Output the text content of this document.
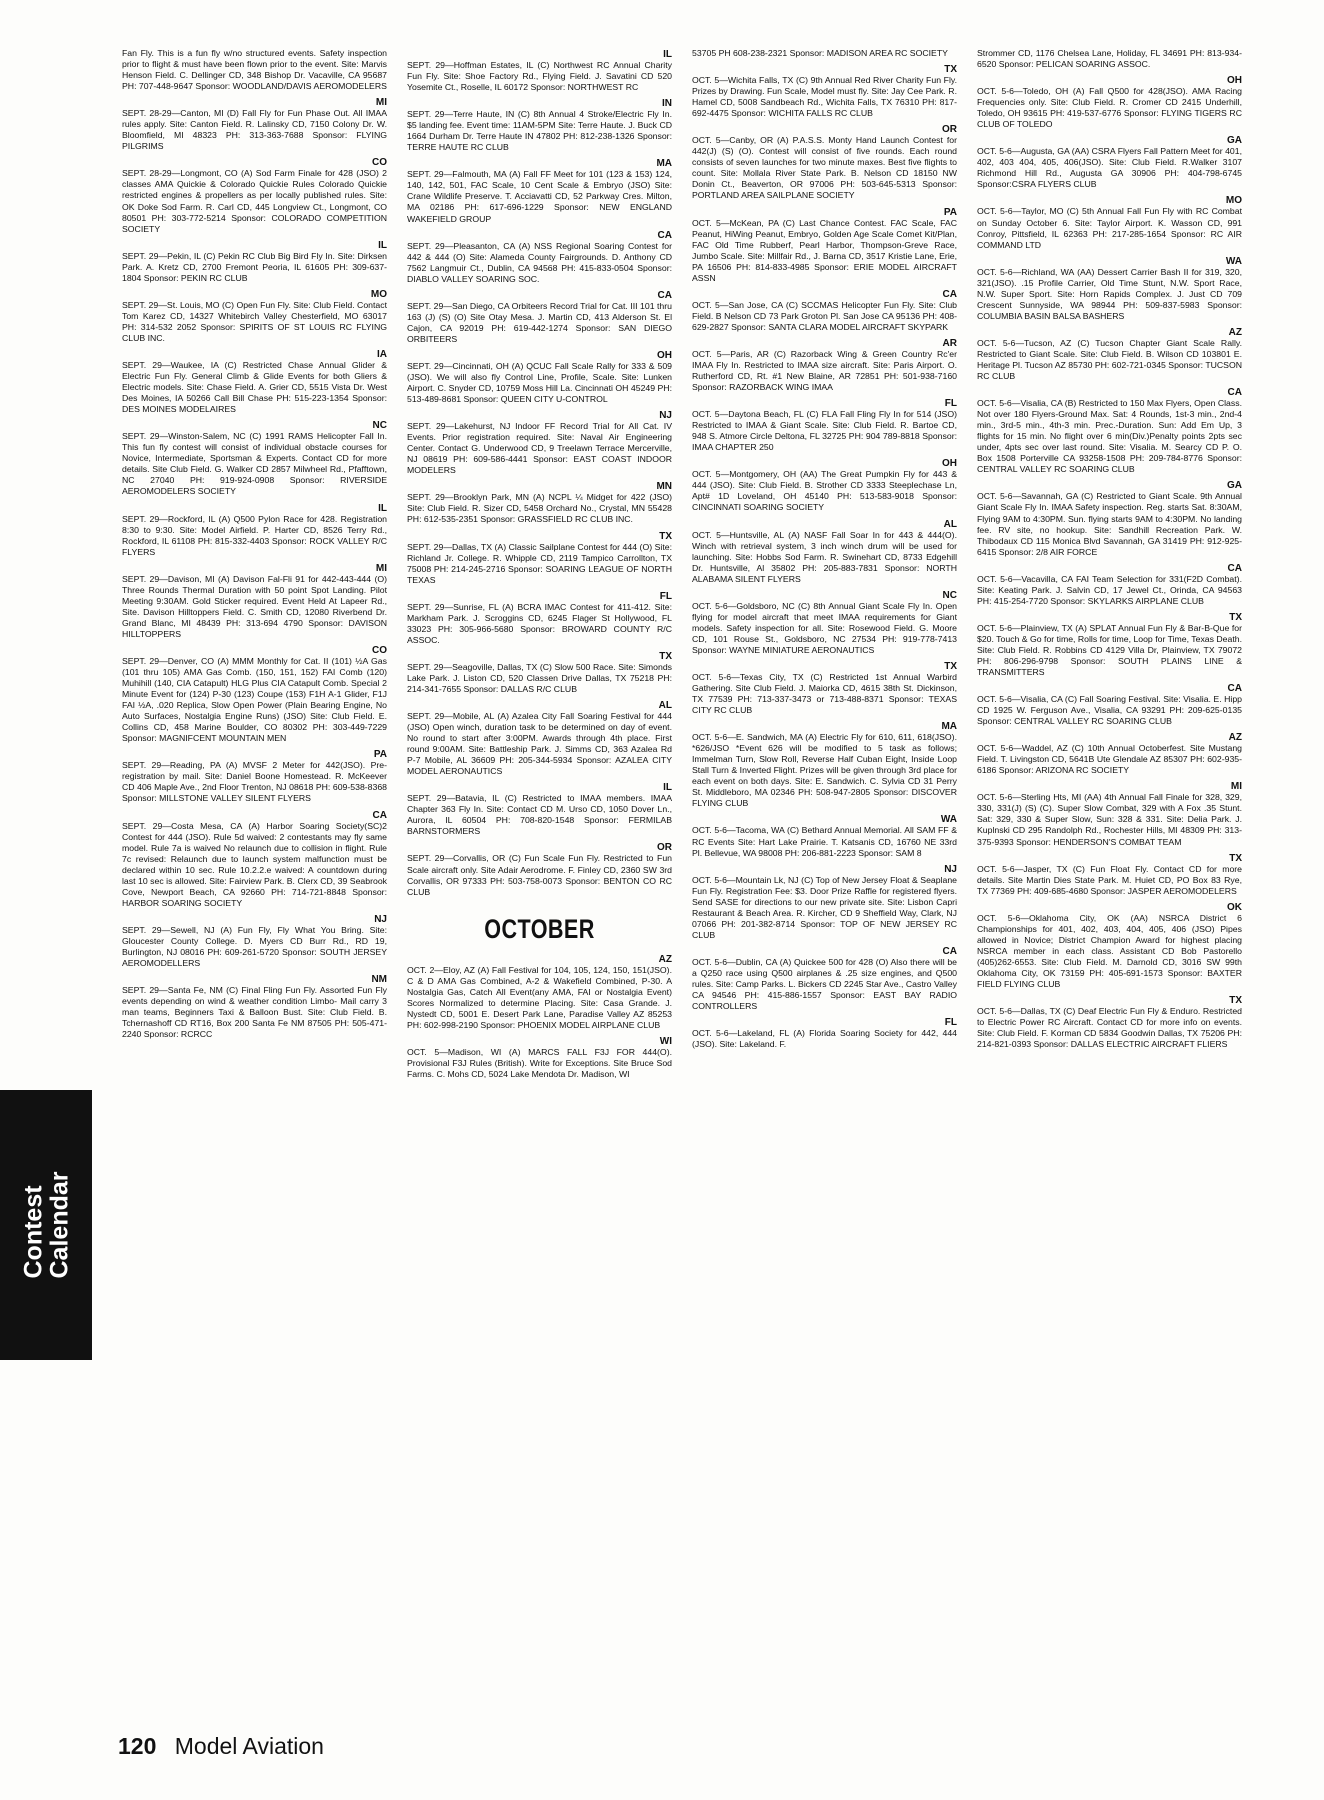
Fan Fly. This is a fun fly w/no structured events. Safety inspection prior to flight & must have been flown prior to the event. Site: Marvis Henson Field. C. Dellinger CD, 348 Bishop Dr. Vacaville, CA 95687 PH: 707-448-9647 Sponsor: WOODLAND/DAVIS AEROMODELERS
MI
SEPT. 28-29—Canton, MI (D) Fall Fly for Fun Phase Out. All IMAA rules apply. Site: Canton Field. R. Lalinsky CD, 7150 Colony Dr. W. Bloomfield, MI 48323 PH: 313-363-7688 Sponsor: FLYING PILGRIMS
CO
SEPT. 28-29—Longmont, CO (A) Sod Farm Finale for 428 (JSO) 2 classes AMA Quickie & Colorado Quickie Rules Colorado Quickie restricted engines & propellers as per locally published rules. Site: OK Doke Sod Farm. R. Carl CD, 445 Longview Ct., Longmont, CO 80501 PH: 303-772-5214 Sponsor: COLORADO COMPETITION SOCIETY
IL
SEPT. 29—Pekin, IL (C) Pekin RC Club Big Bird Fly In. Site: Dirksen Park. A. Kretz CD, 2700 Fremont Peoria, IL 61605 PH: 309-637-1804 Sponsor: PEKIN RC CLUB
MO
SEPT. 29—St. Louis, MO (C) Open Fun Fly. Site: Club Field. Contact Tom Karez CD, 14327 Whitebirch Valley Chesterfield, MO 63017 PH: 314-532 2052 Sponsor: SPIRITS OF ST LOUIS RC FLYING CLUB INC.
IA
SEPT. 29—Waukee, IA (C) Restricted Chase Annual Glider & Electric Fun Fly. General Climb & Glide Events for both Gliers & Electric models. Site: Chase Field. A. Grier CD, 5515 Vista Dr. West Des Moines, IA 50266 Call Bill Chase PH: 515-223-1354 Sponsor: DES MOINES MODELAIRES
NC
SEPT. 29—Winston-Salem, NC (C) 1991 RAMS Helicopter Fall In. This fun fly contest will consist of individual obstacle courses for Novice, Intermediate, Sportsman & Experts. Contact CD for more details. Site Club Field. G. Walker CD 2857 Milwheel Rd., Pfafftown, NC 27040 PH: 919-924-0908 Sponsor: RIVERSIDE AEROMODELERS SOCIETY
IL
SEPT. 29—Rockford, IL (A) Q500 Pylon Race for 428. Registration 8:30 to 9:30. Site: Model Airfield. P. Harter CD, 8526 Terry Rd., Rockford, IL 61108 PH: 815-332-4403 Sponsor: ROCK VALLEY R/C FLYERS
MI
SEPT. 29—Davison, MI (A) Davison Fal-Fli 91 for 442-443-444 (O) Three Rounds Thermal Duration with 50 point Spot Landing. Pilot Meeting 9:30AM. Gold Sticker required. Event Held At Lapeer Rd., Site. Davison Hilltoppers Field. C. Smith CD, 12080 Riverbend Dr. Grand Blanc, MI 48439 PH: 313-694 4790 Sponsor: DAVISON HILLTOPPERS
CO
SEPT. 29—Denver, CO (A) MMM Monthly for Cat. II (101) ½A Gas (101 thru 105) AMA Gas Comb. (150, 151, 152) FAI Comb (120) Muhihill (140, CIA Catapult) HLG Plus CIA Catapult Comb. Special 2 Minute Event for (124) P-30 (123) Coupe (153) F1H A-1 Glider, F1J FAI ½A, .020 Replica, Slow Open Power (Plain Bearing Engine, No Auto Surfaces, Nostalgia Engine Runs) (JSO) Site: Club Field. E. Collins CD, 458 Marine Boulder, CO 80302 PH: 303-449-7229 Sponsor: MAGNIFCENT MOUNTAIN MEN
PA
SEPT. 29—Reading, PA (A) MVSF 2 Meter for 442(JSO). Pre-registration by mail. Site: Daniel Boone Homestead. R. McKeever CD 406 Maple Ave., 2nd Floor Trenton, NJ 08618 PH: 609-538-8368 Sponsor: MILLSTONE VALLEY SILENT FLYERS
CA
SEPT. 29—Costa Mesa, CA (A) Harbor Soaring Society(SC)2 Contest for 444 (JSO). Rule 5d waived: 2 contestants may fly same model. Rule 7a is waived No relaunch due to collision in flight. Rule 7c revised: Relaunch due to launch system malfunction must be declared within 10 sec. Rule 10.2.2.e waived: A countdown during last 10 sec is allowed. Site: Fairview Park. B. Clerx CD, 39 Seabrook Cove, Newport Beach, CA 92660 PH: 714-721-8848 Sponsor: HARBOR SOARING SOCIETY
NJ
SEPT. 29—Sewell, NJ (A) Fun Fly, Fly What You Bring. Site: Gloucester County College. D. Myers CD Burr Rd., RD 19, Burlington, NJ 08016 PH: 609-261-5720 Sponsor: SOUTH JERSEY AEROMODELLERS
NM
SEPT. 29—Santa Fe, NM (C) Final Fling Fun Fly. Assorted Fun Fly events depending on wind & weather condition Limbo- Mail carry 3 man teams, Beginners Taxi & Balloon Bust. Site: Club Field. B. Tchernashoff CD RT16, Box 200 Santa Fe NM 87505 PH: 505-471-2240 Sponsor: RCRCC
IL
SEPT. 29—Hoffman Estates, IL (C) Northwest RC Annual Charity Fun Fly. Site: Shoe Factory Rd., Flying Field. J. Savatini CD 520 Yosemite Ct., Roselle, IL 60172 Sponsor: NORTHWEST RC
IN
SEPT. 29—Terre Haute, IN (C) 8th Annual 4 Stroke/Electric Fly In. $5 landing fee. Event time: 11AM-5PM Site: Terre Haute. J. Buck CD 1664 Durham Dr. Terre Haute IN 47802 PH: 812-238-1326 Sponsor: TERRE HAUTE RC CLUB
MA
SEPT. 29—Falmouth, MA (A) Fall FF Meet for 101 (123 & 153) 124, 140, 142, 501, FAC Scale, 10 Cent Scale & Embryo (JSO) Site: Crane Wildlife Preserve. T. Acciavatti CD, 52 Parkway Cres. Milton, MA 02186 PH: 617-696-1229 Sponsor: NEW ENGLAND WAKEFIELD GROUP
CA
SEPT. 29—Pleasanton, CA (A) NSS Regional Soaring Contest for 442 & 444 (O) Site: Alameda County Fairgrounds. D. Anthony CD 7562 Langmuir Ct., Dublin, CA 94568 PH: 415-833-0504 Sponsor: DIABLO VALLEY SOARING SOC.
CA
SEPT. 29—San Diego, CA Orbiteers Record Trial for Cat. III 101 thru 163 (J) (S) (O) Site Otay Mesa. J. Martin CD, 413 Alderson St. El Cajon, CA 92019 PH: 619-442-1274 Sponsor: SAN DIEGO ORBITEERS
OH
SEPT. 29—Cincinnati, OH (A) QCUC Fall Scale Rally for 333 & 509 (JSO). We will also fly Control Line, Profile, Scale. Site: Lunken Airport. C. Snyder CD, 10759 Moss Hill La. Cincinnati OH 45249 PH: 513-489-8681 Sponsor: QUEEN CITY U-CONTROL
NJ
SEPT. 29—Lakehurst, NJ Indoor FF Record Trial for All Cat. IV Events. Prior registration required. Site: Naval Air Engineering Center. Contact G. Underwood CD, 9 Treelawn Terrace Mercerville, NJ 08619 PH: 609-586-4441 Sponsor: EAST COAST INDOOR MODELERS
MN
SEPT. 29—Brooklyn Park, MN (A) NCPL ¼ Midget for 422 (JSO) Site: Club Field. R. Sizer CD, 5458 Orchard No., Crystal, MN 55428 PH: 612-535-2351 Sponsor: GRASSFIELD RC CLUB INC.
TX
SEPT. 29—Dallas, TX (A) Classic Sailplane Contest for 444 (O) Site: Richland Jr. College. R. Whipple CD, 2119 Tampico Carrollton, TX 75008 PH: 214-245-2716 Sponsor: SOARING LEAGUE OF NORTH TEXAS
FL
SEPT. 29—Sunrise, FL (A) BCRA IMAC Contest for 411-412. Site: Markham Park. J. Scroggins CD, 6245 Flager St Hollywood, FL 33023 PH: 305-966-5680 Sponsor: BROWARD COUNTY R/C ASSOC.
TX
SEPT. 29—Seagoville, Dallas, TX (C) Slow 500 Race. Site: Simonds Lake Park. J. Liston CD, 520 Classen Drive Dallas, TX 75218 PH: 214-341-7655 Sponsor: DALLAS R/C CLUB
AL
SEPT. 29—Mobile, AL (A) Azalea City Fall Soaring Festival for 444 (JSO) Open winch, duration task to be determined on day of event. No round to start after 3:00PM. Awards through 4th place. First round 9:00AM. Site: Battleship Park. J. Simms CD, 363 Azalea Rd P-7 Mobile, AL 36609 PH: 205-344-5934 Sponsor: AZALEA CITY MODEL AERONAUTICS
IL
SEPT. 29—Batavia, IL (C) Restricted to IMAA members. IMAA Chapter 363 Fly In. Site: Contact CD M. Urso CD, 1050 Dover Ln., Aurora, IL 60504 PH: 708-820-1548 Sponsor: FERMILAB BARNSTORMERS
OR
SEPT. 29—Corvallis, OR (C) Fun Scale Fun Fly. Restricted to Fun Scale aircraft only. Site Adair Aerodrome. F. Finley CD, 2360 SW 3rd Corvallis, OR 97333 PH: 503-758-0073 Sponsor: BENTON CO RC CLUB
OCTOBER
AZ
OCT. 2—Eloy, AZ (A) Fall Festival for 104, 105, 124, 150, 151(JSO). C & D AMA Gas Combined, A-2 & Wakefield Combined, P-30. A Nostalgia Gas, Catch All Event(any AMA, FAI or Nostalgia Event) Scores Normalized to determine Placing. Site: Casa Grande. J. Nystedt CD, 5001 E. Desert Park Lane, Paradise Valley AZ 85253 PH: 602-998-2190 Sponsor: PHOENIX MODEL AIRPLANE CLUB
WI
OCT. 5—Madison, WI (A) MARCS FALL F3J FOR 444(O). Provisional F3J Rules (British). Write for Exceptions. Site Bruce Sod Farms. C. Mohs CD, 5024 Lake Mendota Dr. Madison, WI
53705 PH 608-238-2321 Sponsor: MADISON AREA RC SOCIETY
TX
OCT. 5—Wichita Falls, TX (C) 9th Annual Red River Charity Fun Fly. Prizes by Drawing. Fun Scale, Model must fly. Site: Jay Cee Park. R. Hamel CD, 5008 Sandbeach Rd., Wichita Falls, TX 76310 PH: 817-692-4475 Sponsor: WICHITA FALLS RC CLUB
OR
OCT. 5—Canby, OR (A) P.A.S.S. Monty Hand Launch Contest for 442(J) (S) (O). Contest will consist of five rounds. Each round consists of seven launches for two minute maxes. Best five flights to count. Site: Mollala River State Park. B. Nelson CD 18150 NW Donin Ct., Beaverton, OR 97006 PH: 503-645-5313 Sponsor: PORTLAND AREA SAILPLANE SOCIETY
PA
OCT. 5—McKean, PA (C) Last Chance Contest. FAC Scale, FAC Peanut, HiWing Peanut, Embryo, Golden Age Scale Comet Kit/Plan, FAC Old Time Rubberf, Pearl Harbor, Thompson-Greve Race, Jumbo Scale. Site: Millfair Rd., J. Barna CD, 3517 Kristie Lane, Erie, PA 16506 PH: 814-833-4985 Sponsor: ERIE MODEL AIRCRAFT ASSN
CA
OCT. 5—San Jose, CA (C) SCCMAS Helicopter Fun Fly. Site: Club Field. B Nelson CD 73 Park Groton Pl. San Jose CA 95136 PH: 408-629-2827 Sponsor: SANTA CLARA MODEL AIRCRAFT SKYPARK
AR
OCT. 5—Paris, AR (C) Razorback Wing & Green Country Rc'er IMAA Fly In. Restricted to IMAA size aircraft. Site: Paris Airport. O. Rutherford CD, Rt. #1 New Blaine, AR 72851 PH: 501-938-7160 Sponsor: RAZORBACK WING IMAA
FL
OCT. 5—Daytona Beach, FL (C) FLA Fall Fling Fly In for 514 (JSO) Restricted to IMAA & Giant Scale. Site: Club Field. R. Bartoe CD, 948 S. Atmore Circle Deltona, FL 32725 PH: 904 789-8818 Sponsor: IMAA CHAPTER 250
OH
OCT. 5—Montgomery, OH (AA) The Great Pumpkin Fly for 443 & 444 (JSO). Site: Club Field. B. Strother CD 3333 Steeplechase Ln, Apt# 1D Loveland, OH 45140 PH: 513-583-9018 Sponsor: CINCINNATI SOARING SOCIETY
AL
OCT. 5—Huntsville, AL (A) NASF Fall Soar In for 443 & 444(O). Winch with retrieval system, 3 inch winch drum will be used for launching. Site: Hobbs Sod Farm. R. Swinehart CD, 8733 Edgehill Dr. Huntsville, Al 35802 PH: 205-883-7831 Sponsor: NORTH ALABAMA SILENT FLYERS
NC
OCT. 5-6—Goldsboro, NC (C) 8th Annual Giant Scale Fly In. Open flying for model aircraft that meet IMAA requirements for Giant models. Safety inspection for all. Site: Rosewood Field. G. Moore CD, 101 Rouse St., Goldsboro, NC 27534 PH: 919-778-7413 Sponsor: WAYNE MINIATURE AERONAUTICS
TX
OCT. 5-6—Texas City, TX (C) Restricted 1st Annual Warbird Gathering. Site Club Field. J. Maiorka CD, 4615 38th St. Dickinson, TX 77539 PH: 713-337-3473 or 713-488-8371 Sponsor: TEXAS CITY RC CLUB
MA
OCT. 5-6—E. Sandwich, MA (A) Electric Fly for 610, 611, 618(JSO). *626/JSO *Event 626 will be modified to 5 task as follows; Immelman Turn, Slow Roll, Reverse Half Cuban Eight, Inside Loop Stall Turn & Inverted Flight. Prizes will be given through 3rd place for each event on both days. Site: E. Sandwich. C. Sylvia CD 31 Perry St. Middleboro, MA 02346 PH: 508-947-2805 Sponsor: DISCOVER FLYING CLUB
WA
OCT. 5-6—Tacoma, WA (C) Bethard Annual Memorial. All SAM FF & RC Events Site: Hart Lake Prairie. T. Katsanis CD, 16760 NE 33rd Pl. Bellevue, WA 98008 PH: 206-881-2223 Sponsor: SAM 8
NJ
OCT. 5-6—Mountain Lk, NJ (C) Top of New Jersey Float & Seaplane Fun Fly. Registration Fee: $3. Door Prize Raffle for registered flyers. Send SASE for directions to our new private site. Site: Lisbon Capri Restaurant & Beach Area. R. Kircher, CD 9 Sheffield Way, Clark, NJ 07066 PH: 201-382-8714 Sponsor: TOP OF NEW JERSEY RC CLUB
CA
OCT. 5-6—Dublin, CA (A) Quickee 500 for 428 (O) Also there will be a Q250 race using Q500 airplanes & .25 size engines, and Q500 rules. Site: Camp Parks. L. Bickers CD 2245 Star Ave., Castro Valley CA 94546 PH: 415-886-1557 Sponsor: EAST BAY RADIO CONTROLLERS
FL
OCT. 5-6—Lakeland, FL (A) Florida Soaring Society for 442, 444 (JSO). Site: Lakeland. F.
Strommer CD, 1176 Chelsea Lane, Holiday, FL 34691 PH: 813-934-6520 Sponsor: PELICAN SOARING ASSOC.
OH
OCT. 5-6—Toledo, OH (A) Fall Q500 for 428(JSO). AMA Racing Frequencies only. Site: Club Field. R. Cromer CD 2415 Underhill, Toledo, OH 93615 PH: 419-537-6776 Sponsor: FLYING TIGERS RC CLUB OF TOLEDO
GA
OCT. 5-6—Augusta, GA (AA) CSRA Flyers Fall Pattern Meet for 401, 402, 403 404, 405, 406(JSO). Site: Club Field. R.Walker 3107 Richmond Hill Rd., Augusta GA 30906 PH: 404-798-6745 Sponsor:CSRA FLYERS CLUB
MO
OCT. 5-6—Taylor, MO (C) 5th Annual Fall Fun Fly with RC Combat on Sunday October 6. Site: Taylor Airport. K. Wasson CD, 991 Conroy, Pittsfield, IL 62363 PH: 217-285-1654 Sponsor: RC AIR COMMAND LTD
WA
OCT. 5-6—Richland, WA (AA) Dessert Carrier Bash II for 319, 320, 321(JSO). .15 Profile Carrier, Old Time Stunt, N.W. Sport Race, N.W. Super Sport. Site: Horn Rapids Complex. J. Just CD 709 Crescent Sunnyside, WA 98944 PH: 509-837-5983 Sponsor: COLUMBIA BASIN BALSA BASHERS
AZ
OCT. 5-6—Tucson, AZ (C) Tucson Chapter Giant Scale Rally. Restricted to Giant Scale. Site: Club Field. B. Wilson CD 103801 E. Heritage Pl. Tucson AZ 85730 PH: 602-721-0345 Sponsor: TUCSON RC CLUB
CA
OCT. 5-6—Visalia, CA (B) Restricted to 150 Max Flyers, Open Class. Not over 180 Flyers-Ground Max. Sat: 4 Rounds, 1st-3 min., 2nd-4 min., 3rd-5 min., 4th-3 min. Prec.-Duration. Sun: Add Em Up, 3 flights for 15 min. No flight over 6 min(Div.)Penalty points 2pts sec under, 4pts sec over last round. Site: Visalia. M. Searcy CD P. O. Box 1508 Porterville CA 93258-1508 PH: 209-784-8776 Sponsor: CENTRAL VALLEY RC SOARING CLUB
GA
OCT. 5-6—Savannah, GA (C) Restricted to Giant Scale. 9th Annual Giant Scale Fly In. IMAA Safety inspection. Reg. starts Sat. 8:30AM, Flying 9AM to 4:30PM. Sun. flying starts 9AM to 4:30PM. No landing fee. RV site, no hookup. Site: Sandhill Recreation Park. W. Thibodaux CD 115 Monica Blvd Savannah, GA 31419 PH: 912-925-6415 Sponsor: 2/8 AIR FORCE
CA
OCT. 5-6—Vacavilla, CA FAI Team Selection for 331(F2D Combat). Site: Keating Park. J. Salvin CD, 17 Jewel Ct., Orinda, CA 94563 PH: 415-254-7720 Sponsor: SKYLARKS AIRPLANE CLUB
TX
OCT. 5-6—Plainview, TX (A) SPLAT Annual Fun Fly & Bar-B-Que for $20. Touch & Go for time, Rolls for time, Loop for Time, Texas Death. Site: Club Field. R. Robbins CD 4129 Villa Dr, Plainview, TX 79072 PH: 806-296-9798 Sponsor: SOUTH PLAINS LINE & TRANSMITTERS
CA
OCT. 5-6—Visalia, CA (C) Fall Soaring Festival. Site: Visalia. E. Hipp CD 1925 W. Ferguson Ave., Visalia, CA 93291 PH: 209-625-0135 Sponsor: CENTRAL VALLEY RC SOARING CLUB
AZ
OCT. 5-6—Waddel, AZ (C) 10th Annual Octoberfest. Site Mustang Field. T. Livingston CD, 5641B Ute Glendale AZ 85307 PH: 602-935-6186 Sponsor: ARIZONA RC SOCIETY
MI
OCT. 5-6—Sterling Hts, MI (AA) 4th Annual Fall Finale for 328, 329, 330, 331(J) (S) (C). Super Slow Combat, 329 with A Fox .35 Stunt. Sat: 329, 330 & Super Slow, Sun: 328 & 331. Site: Delia Park. J. Kuplnski CD 295 Randolph Rd., Rochester Hills, MI 48309 PH: 313-375-9393 Sponsor: HENDERSON'S COMBAT TEAM
TX
OCT. 5-6—Jasper, TX (C) Fun Float Fly. Contact CD for more details. Site Martin Dies State Park. M. Huiet CD, PO Box 83 Rye, TX 77369 PH: 409-685-4680 Sponsor: JASPER AEROMODELERS
OK
OCT. 5-6—Oklahoma City, OK (AA) NSRCA District 6 Championships for 401, 402, 403, 404, 405, 406 (JSO) Pipes allowed in Novice; District Champion Award for highest placing NSRCA member in each class. Assistant CD Bob Pastorello (405)262-6553. Site: Club Field. M. Darnold CD, 3016 SW 99th Oklahoma City, OK 73159 PH: 405-691-1573 Sponsor: BAXTER FIELD FLYING CLUB
TX
OCT. 5-6—Dallas, TX (C) Deaf Electric Fun Fly & Enduro. Restricted to Electric Power RC Aircraft. Contact CD for more info on events. Site: Club Field. F. Korman CD 5834 Goodwin Dallas, TX 75206 PH: 214-821-0393 Sponsor: DALLAS ELECTRIC AIRCRAFT FLIERS
Contest
Calendar
120 Model Aviation
